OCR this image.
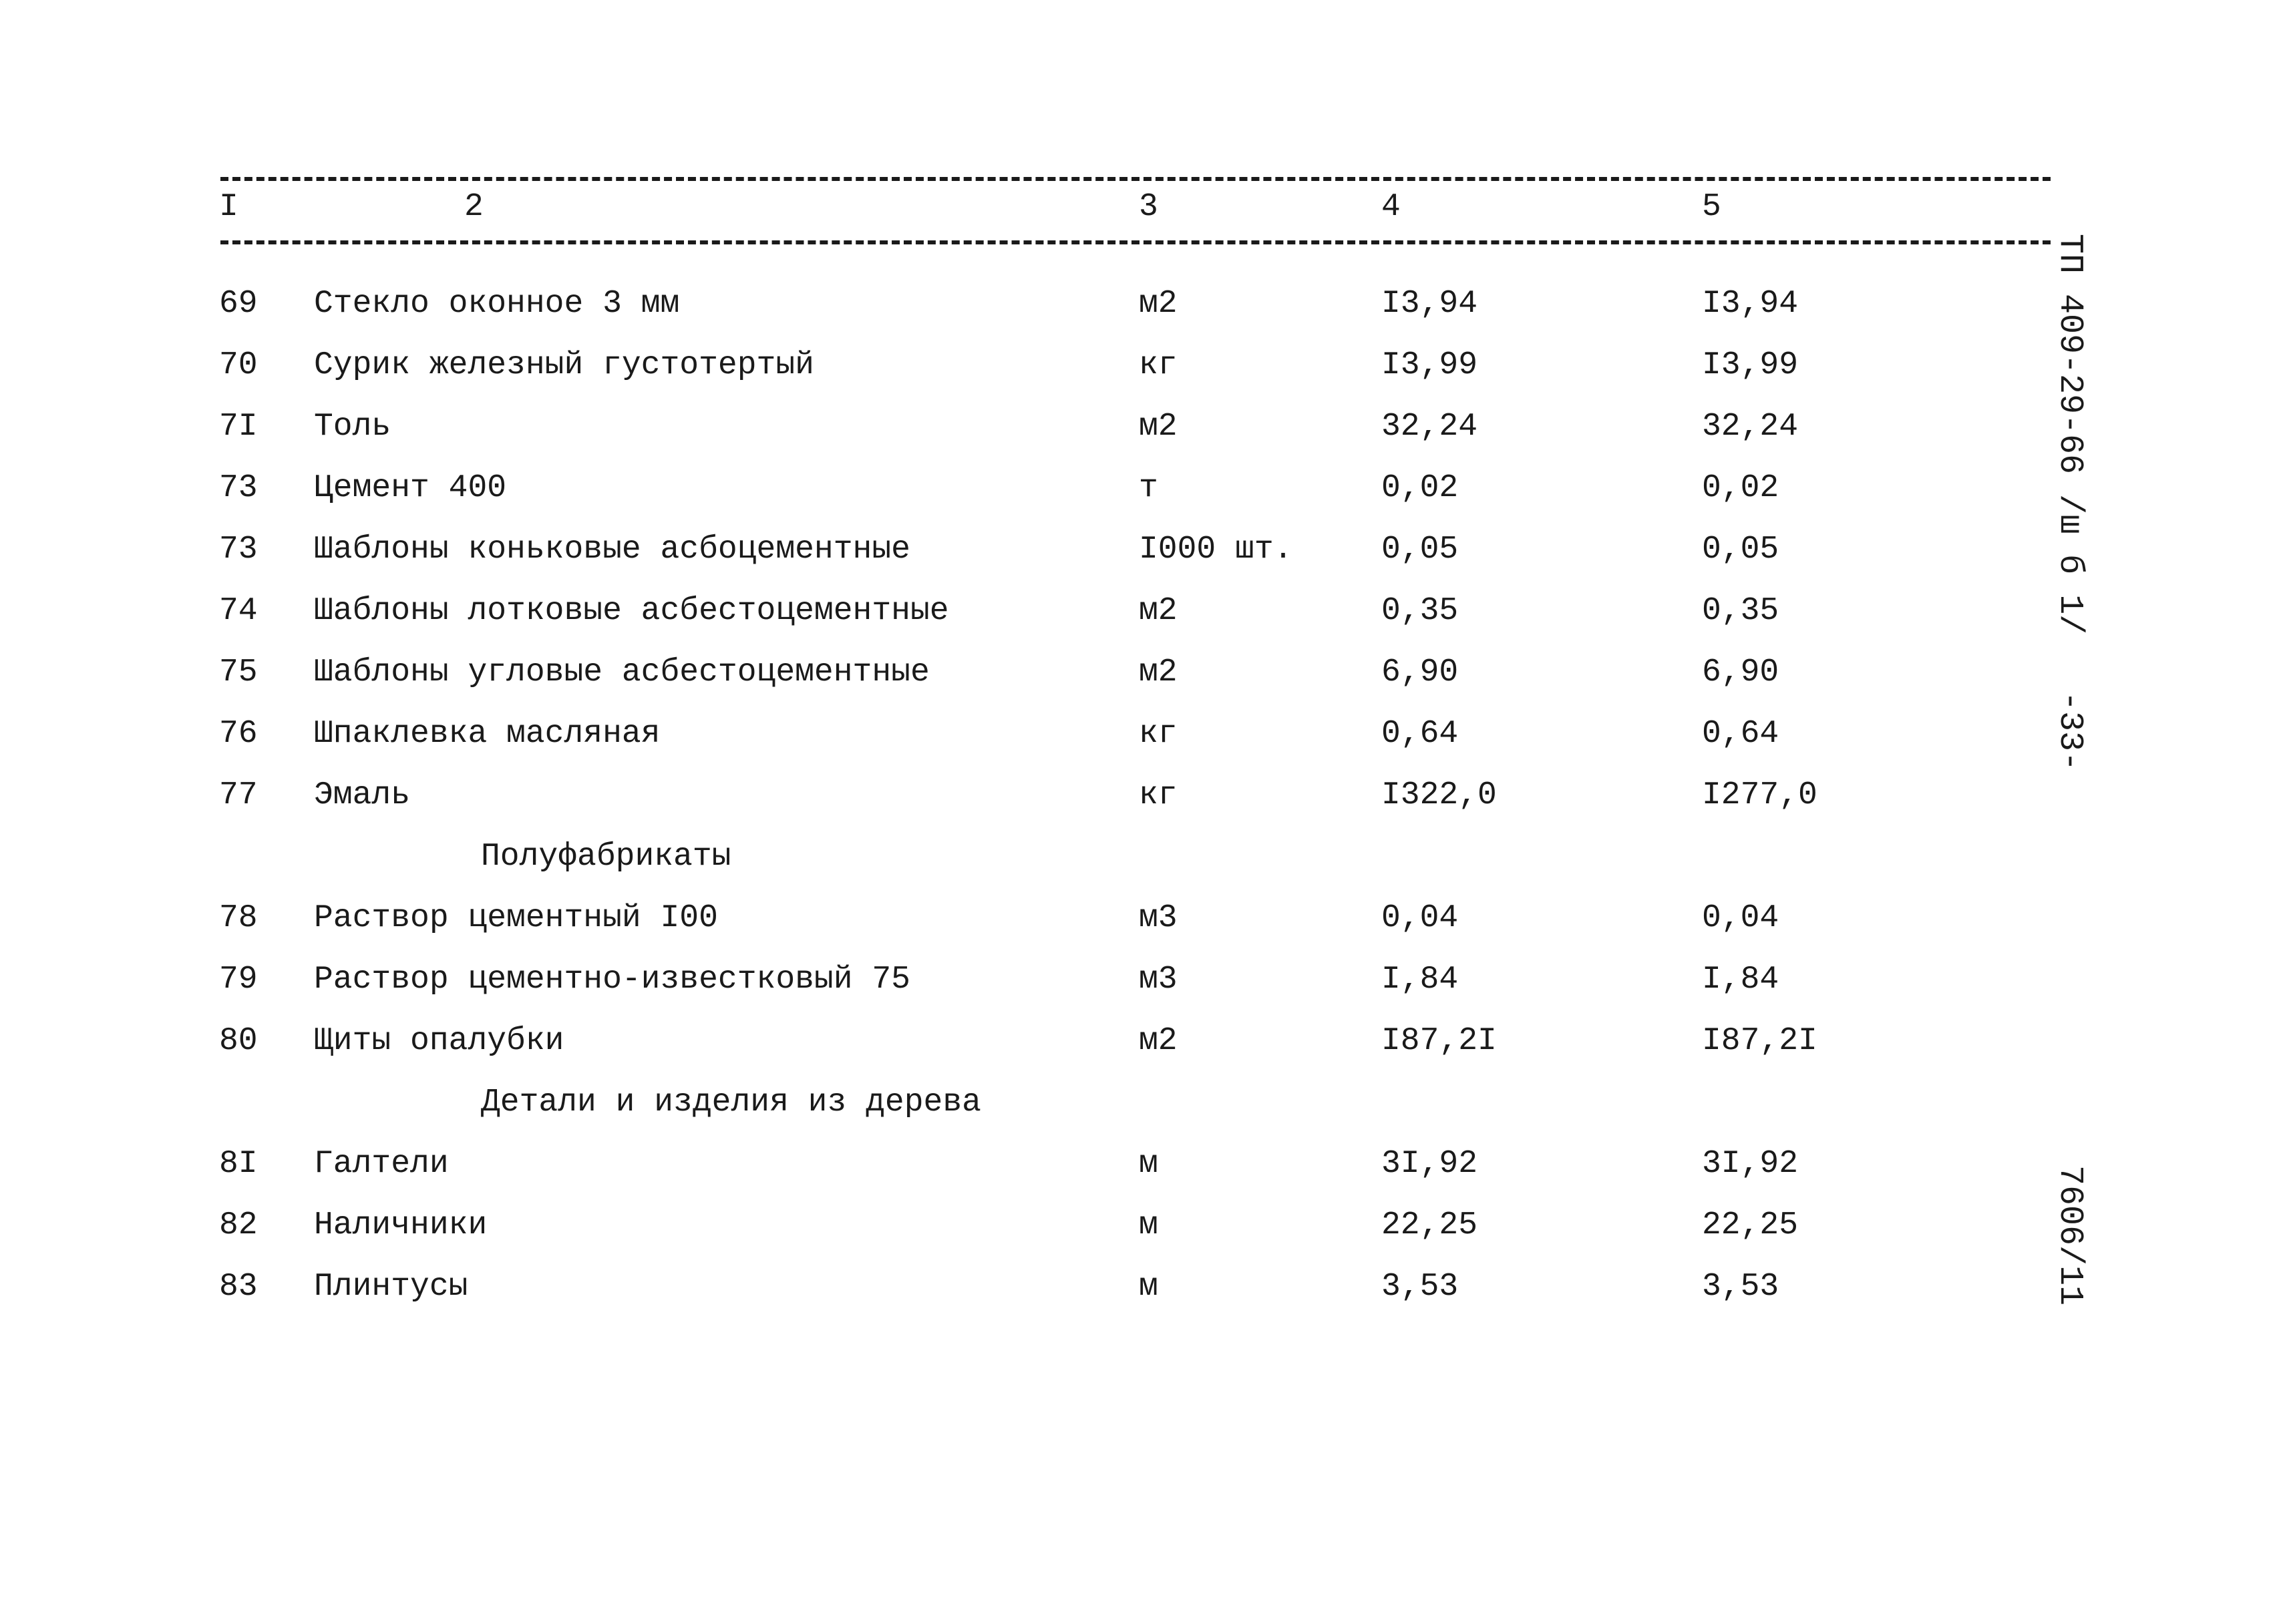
I	2	3	4	5
69 Стекло оконное 3 мм	м2	I3,94	I3,94
70 Сурик железный густотертый	кг	I3,99	I3,99
7I Толь	м2	32,24	32,24
73 Цемент 400	т	0,02	0,02
73 Шаблоны коньковые асбоцементные	I000 шт.	0,05	0,05
74 Шаблоны лотковые асбестоцементные	м2	0,35	0,35
75 Шаблоны угловые асбестоцементные	м2	6,90	6,90
76 Шпаклевка масляная	кг	0,64	0,64
77 Эмаль	кг	I322,0	I277,0
Полуфабрикаты
78 Раствор цементный I00	м3	0,04	0,04
79 Раствор цементно-известковый 75	м3	I,84	I,84
80 Щиты опалубки	м2	I87,2I	I87,2I
Детали и изделия из дерева
8I Галтели	м	3I,92	3I,92
82 Наличники	м	22,25	22,25
83 Плинтусы	м	3,53	3,53
ТП 409-29-66 /ш б 1/
-33-
7606/11
